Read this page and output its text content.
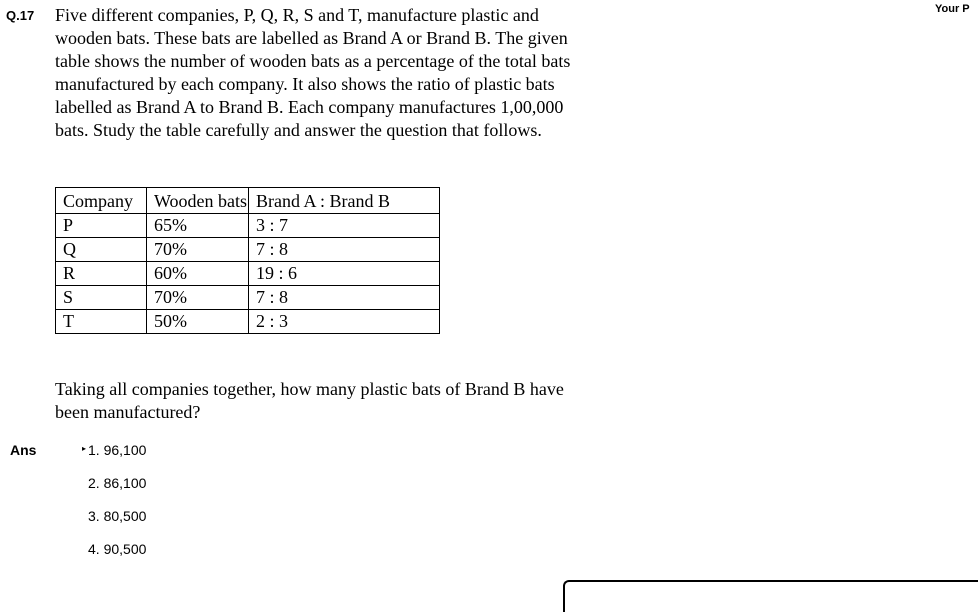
Q.17	Your P

Five different companies, P, Q, R, S and T, manufacture plastic and wooden bats. These bats are labelled as Brand A or Brand B. The given table shows the number of wooden bats as a percentage of the total bats manufactured by each company. It also shows the ratio of plastic bats labelled as Brand A to Brand B. Each company manufactures 1,00,000 bats. Study the table carefully and answer the question that follows.

Company	Wooden bats	Brand A : Brand B
P	65%	3 : 7
Q	70%	7 : 8
R	60%	19 : 6
S	70%	7 : 8
T	50%	2 : 3
Taking all companies together, how many plastic bats of Brand B have been manufactured?
Ans	▸ 1. 96,100
2. 86,100
3. 80,500
4. 90,500
